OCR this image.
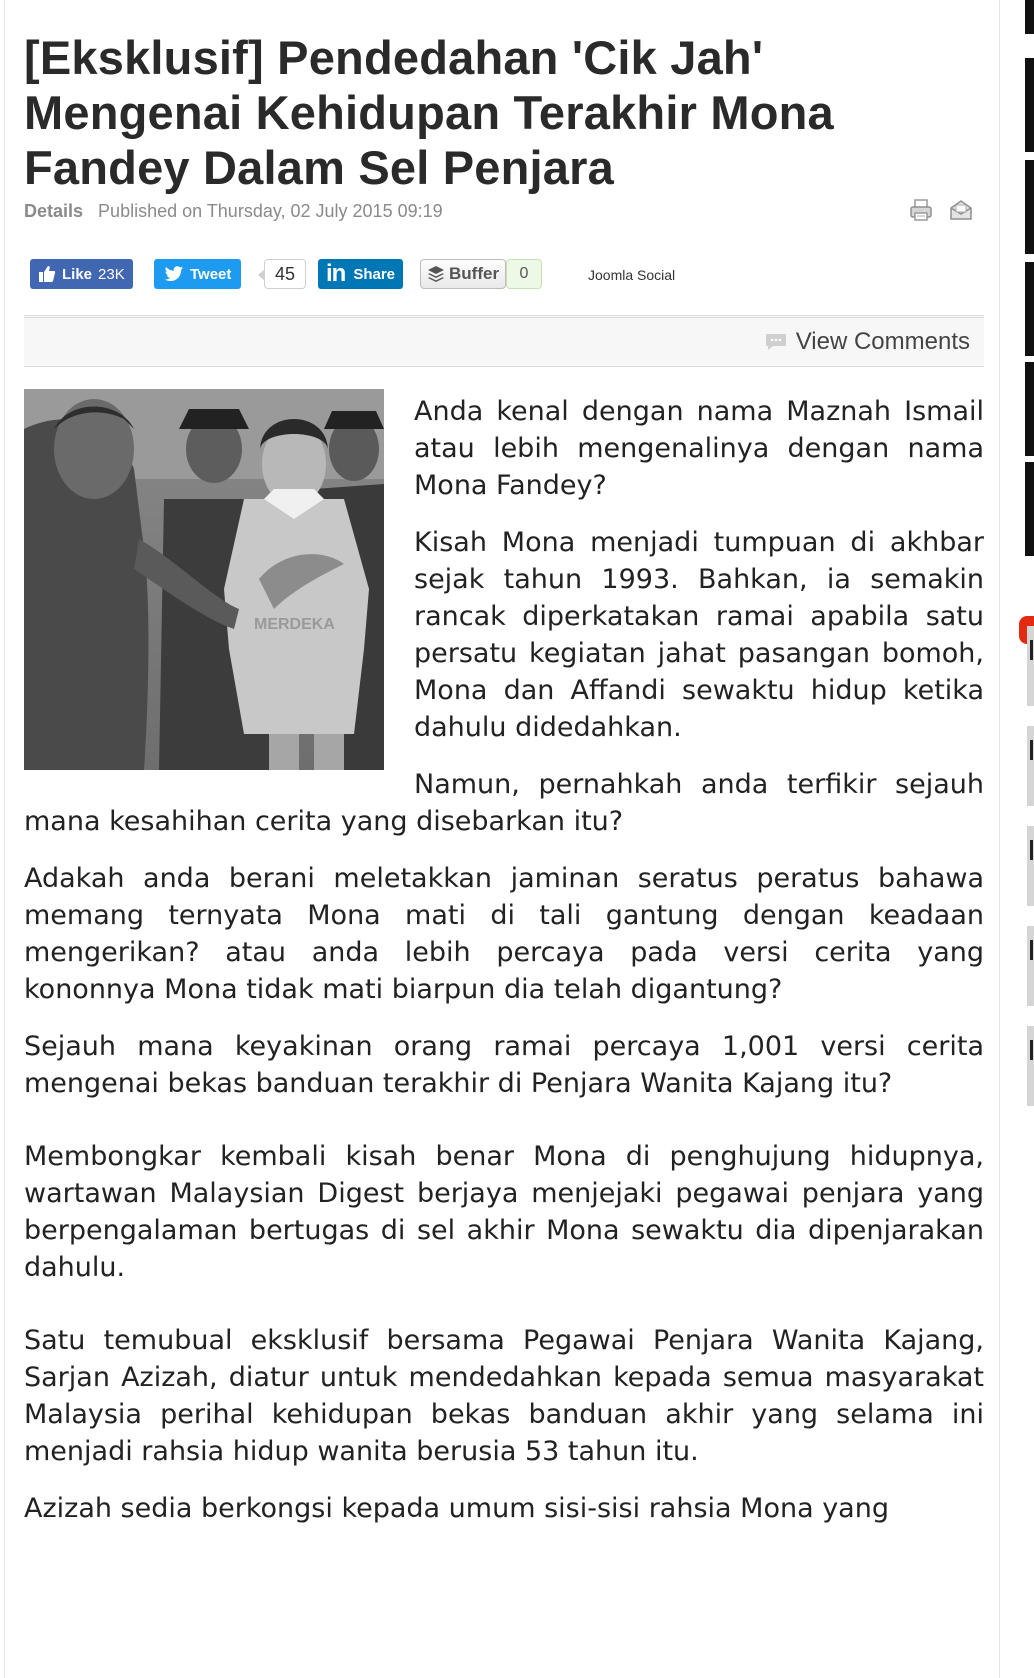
[Eksklusif] Pendedahan 'Cik Jah' Mengenai Kehidupan Terakhir Mona Fandey Dalam Sel Penjara
Details Published on Thursday, 02 July 2015 09:19
Like 23K	Tweet	45	in Share	Buffer	0	Joomla Social
View Comments
MERDEKA

Anda kenal dengan nama Maznah Ismail atau lebih mengenalinya dengan nama Mona Fandey?

Kisah Mona menjadi tumpuan di akhbar sejak tahun 1993. Bahkan, ia semakin rancak diperkatakan ramai apabila satu persatu kegiatan jahat pasangan bomoh, Mona dan Affandi sewaktu hidup ketika dahulu didedahkan.

Namun, pernahkah anda terfikir sejauh mana kesahihan cerita yang disebarkan itu?

Adakah anda berani meletakkan jaminan seratus peratus bahawa memang ternyata Mona mati di tali gantung dengan keadaan mengerikan? atau anda lebih percaya pada versi cerita yang kononnya Mona tidak mati biarpun dia telah digantung?

Sejauh mana keyakinan orang ramai percaya 1,001 versi cerita mengenai bekas banduan terakhir di Penjara Wanita Kajang itu?

Membongkar kembali kisah benar Mona di penghujung hidupnya, wartawan Malaysian Digest berjaya menjejaki pegawai penjara yang berpengalaman bertugas di sel akhir Mona sewaktu dia dipenjarakan dahulu.

Satu temubual eksklusif bersama Pegawai Penjara Wanita Kajang, Sarjan Azizah, diatur untuk mendedahkan kepada semua masyarakat Malaysia perihal kehidupan bekas banduan akhir yang selama ini menjadi rahsia hidup wanita berusia 53 tahun itu.

Azizah sedia berkongsi kepada umum sisi-sisi rahsia Mona yang
